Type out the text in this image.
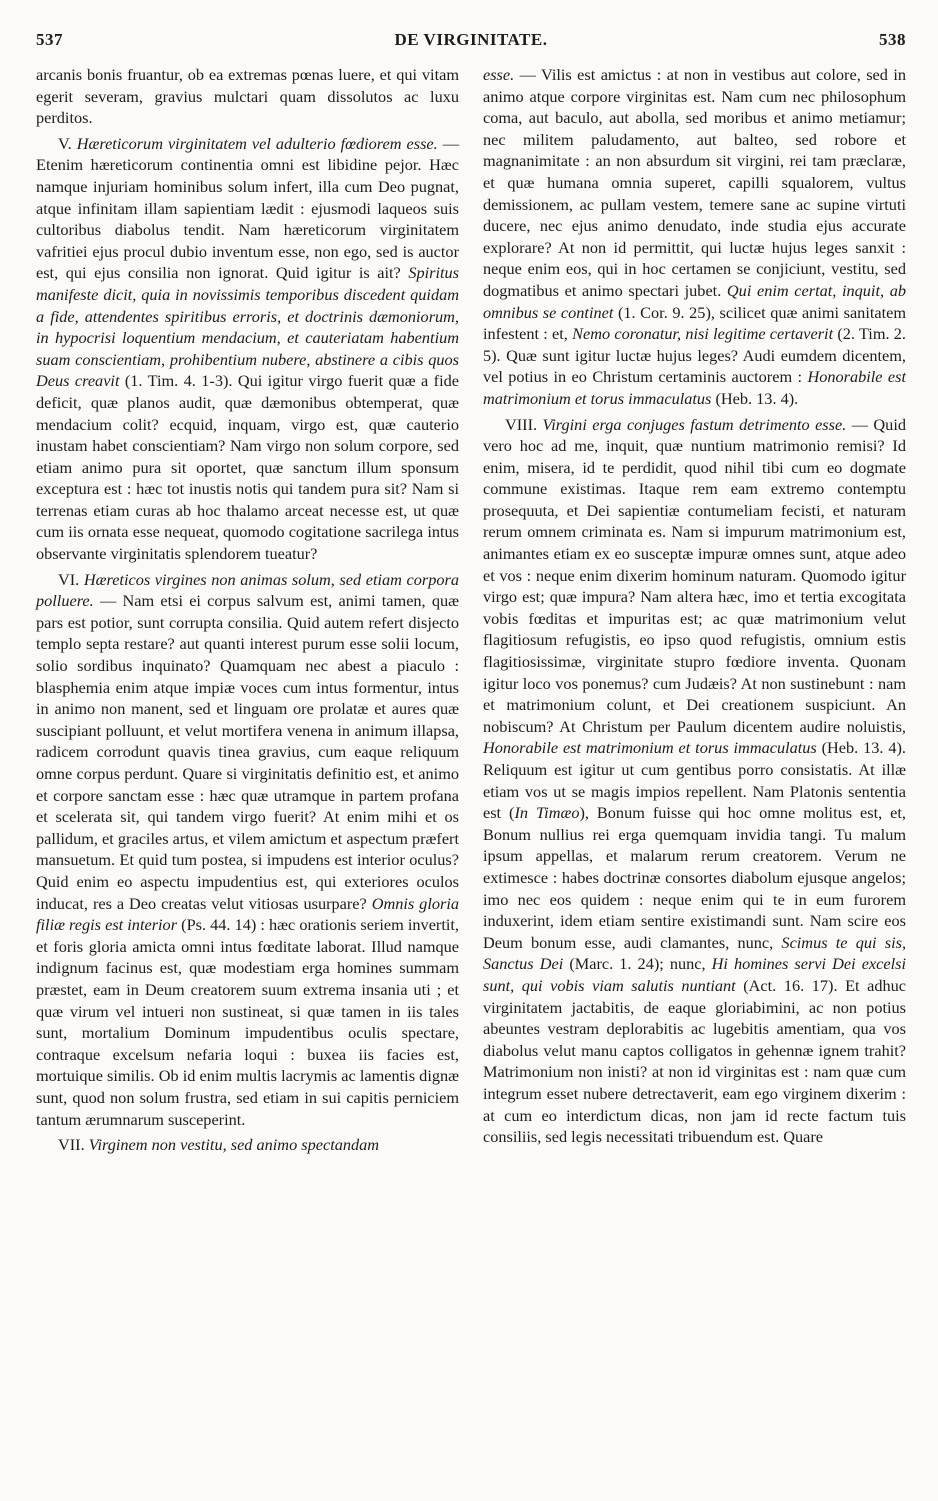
537	DE VIRGINITATE.	538

arcanis bonis fruantur, ob ea extremas pœnas luere, et qui vitam egerit severam, gravius mulctari quam dissolutos ac luxu perditos.

V. Hæreticorum virginitatem vel adulterio fœdiorem esse. — Etenim hæreticorum continentia omni est libidine pejor. Hæc namque injuriam hominibus solum infert, illa cum Deo pugnat, atque infinitam illam sapientiam lædit : ejusmodi laqueos suis cultoribus diabolus tendit. Nam hæreticorum virginitatem vafritiei ejus procul dubio inventum esse, non ego, sed is auctor est, qui ejus consilia non ignorat. Quid igitur is ait? Spiritus manifeste dicit, quia in novissimis temporibus discedent quidam a fide, attendentes spiritibus erroris, et doctrinis dæmoniorum, in hypocrisi loquentium mendacium, et cauteriatam habentium suam conscientiam, prohibentium nubere, abstinere a cibis quos Deus creavit (1. Tim. 4. 1-3). Qui igitur virgo fuerit quæ a fide deficit, quæ planos audit, quæ dæmonibus obtemperat, quæ mendacium colit? ecquid, inquam, virgo est, quæ cauterio inustam habet conscientiam? Nam virgo non solum corpore, sed etiam animo pura sit oportet, quæ sanctum illum sponsum exceptura est : hæc tot inustis notis qui tandem pura sit? Nam si terrenas etiam curas ab hoc thalamo arceat necesse est, ut quæ cum iis ornata esse nequeat, quomodo cogitatione sacrilega intus observante virginitatis splendorem tueatur?

VI. Hæreticos virgines non animas solum, sed etiam corpora polluere. — Nam etsi ei corpus salvum est, animi tamen, quæ pars est potior, sunt corrupta consilia. Quid autem refert disjecto templo septa restare? aut quanti interest purum esse solii locum, solio sordibus inquinato? Quamquam nec abest a piaculo : blasphemia enim atque impiæ voces cum intus formentur, intus in animo non manent, sed et linguam ore prolatæ et aures quæ suscipiant polluunt, et velut mortifera venena in animum illapsa, radicem corrodunt quavis tinea gravius, cum eaque reliquum omne corpus perdunt. Quare si virginitatis definitio est, et animo et corpore sanctam esse : hæc quæ utramque in partem profana et scelerata sit, qui tandem virgo fuerit? At enim mihi et os pallidum, et graciles artus, et vilem amictum et aspectum præfert mansuetum. Et quid tum postea, si impudens est interior oculus? Quid enim eo aspectu impudentius est, qui exteriores oculos inducat, res a Deo creatas velut vitiosas usurpare? Omnis gloria filiæ regis est interior (Ps. 44. 14) : hæc orationis seriem invertit, et foris gloria amicta omni intus fœditate laborat. Illud namque indignum facinus est, quæ modestiam erga homines summam præstet, eam in Deum creatorem suum extrema insania uti ; et quæ virum vel intueri non sustineat, si quæ tamen in iis tales sunt, mortalium Dominum impudentibus oculis spectare, contraque excelsum nefaria loqui : buxea iis facies est, mortuique similis. Ob id enim multis lacrymis ac lamentis dignæ sunt, quod non solum frustra, sed etiam in sui capitis perniciem tantum ærumnarum susceperint.

VII. Virginem non vestitu, sed animo spectandam

esse. — Vilis est amictus : at non in vestibus aut colore, sed in animo atque corpore virginitas est. Nam cum nec philosophum coma, aut baculo, aut abolla, sed moribus et animo metiamur; nec militem paludamento, aut balteo, sed robore et magnanimitate : an non absurdum sit virgini, rei tam præclaræ, et quæ humana omnia superet, capilli squalorem, vultus demissionem, ac pullam vestem, temere sane ac supine virtuti ducere, nec ejus animo denudato, inde studia ejus accurate explorare? At non id permittit, qui luctæ hujus leges sanxit : neque enim eos, qui in hoc certamen se conjiciunt, vestitu, sed dogmatibus et animo spectari jubet. Qui enim certat, inquit, ab omnibus se continet (1. Cor. 9. 25), scilicet quæ animi sanitatem infestent : et, Nemo coronatur, nisi legitime certaverit (2. Tim. 2. 5). Quæ sunt igitur luctæ hujus leges? Audi eumdem dicentem, vel potius in eo Christum certaminis auctorem : Honorabile est matrimonium et torus immaculatus (Heb. 13. 4).

VIII. Virgini erga conjuges fastum detrimento esse. — Quid vero hoc ad me, inquit, quæ nuntium matrimonio remisi? Id enim, misera, id te perdidit, quod nihil tibi cum eo dogmate commune existimas. Itaque rem eam extremo contemptu prosequuta, et Dei sapientiæ contumeliam fecisti, et naturam rerum omnem criminata es. Nam si impurum matrimonium est, animantes etiam ex eo susceptæ impuræ omnes sunt, atque adeo et vos : neque enim dixerim hominum naturam. Quomodo igitur virgo est; quæ impura? Nam altera hæc, imo et tertia excogitata vobis fœditas et impuritas est; ac quæ matrimonium velut flagitiosum refugistis, eo ipso quod refugistis, omnium estis flagitiosissimæ, virginitate stupro fœdiore inventa. Quonam igitur loco vos ponemus? cum Judæis? At non sustinebunt : nam et matrimonium colunt, et Dei creationem suspiciunt. An nobiscum? At Christum per Paulum dicentem audire noluistis, Honorabile est matrimonium et torus immaculatus (Heb. 13. 4). Reliquum est igitur ut cum gentibus porro consistatis. At illæ etiam vos ut se magis impios repellent. Nam Platonis sententia est (In Timæo), Bonum fuisse qui hoc omne molitus est, et, Bonum nullius rei erga quemquam invidia tangi. Tu malum ipsum appellas, et malarum rerum creatorem. Verum ne extimesce : habes doctrinæ consortes diabolum ejusque angelos; imo nec eos quidem : neque enim qui te in eum furorem induxerint, idem etiam sentire existimandi sunt. Nam scire eos Deum bonum esse, audi clamantes, nunc, Scimus te qui sis, Sanctus Dei (Marc. 1. 24); nunc, Hi homines servi Dei excelsi sunt, qui vobis viam salutis nuntiant (Act. 16. 17). Et adhuc virginitatem jactabitis, de eaque gloriabimini, ac non potius abeuntes vestram deplorabitis ac lugebitis amentiam, qua vos diabolus velut manu captos colligatos in gehennæ ignem trahit? Matrimonium non inisti? at non id virginitas est : nam quæ cum integrum esset nubere detrectaverit, eam ego virginem dixerim : at cum eo interdictum dicas, non jam id recte factum tuis consiliis, sed legis necessitati tribuendum est. Quare
